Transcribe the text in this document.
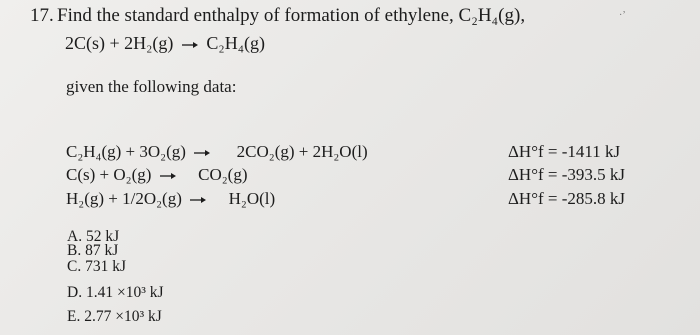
17. Find the standard enthalpy of formation of ethylene, C₂H₄(g),	·’
2C(s) + 2H₂(g) → C₂H₄(g)
given the following data:
C₂H₄(g) + 3O₂(g) → 2CO₂(g) + 2H₂O(l)	ΔH°f = -1411 kJ
C(s) + O₂(g) → CO₂(g)	ΔH°f = -393.5 kJ
H₂(g) + 1/2O₂(g) → H₂O(l)	ΔH°f = -285.8 kJ
A. 52 kJ
B. 87 kJ
C. 731 kJ
D. 1.41 ×10³ kJ
E. 2.77 ×10³ kJ
